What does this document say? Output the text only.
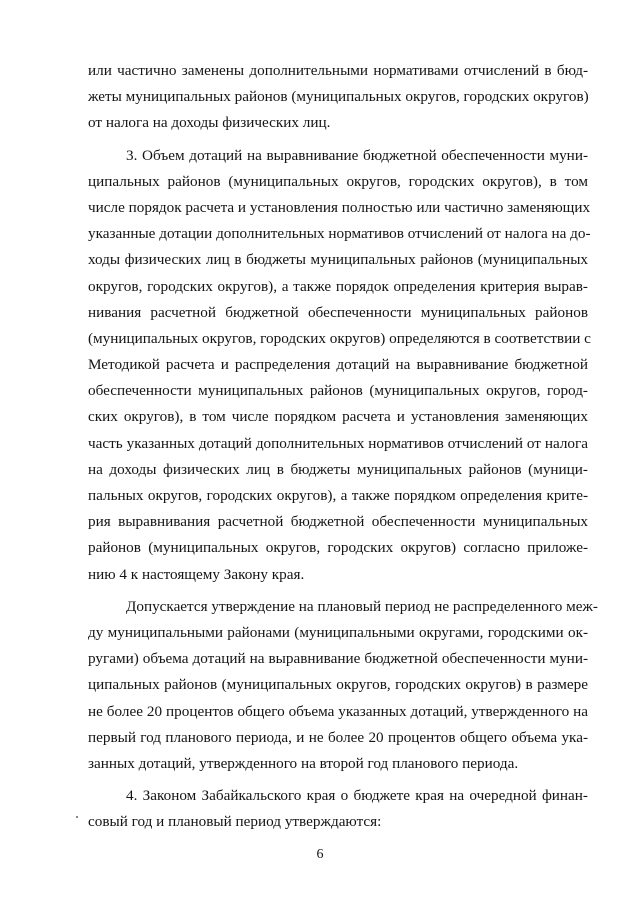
или частично заменены дополнительными нормативами отчислений в бюд-
жеты муниципальных районов (муниципальных округов, городских округов)
от налога на доходы физических лиц.
3. Объем дотаций на выравнивание бюджетной обеспеченности муни-
ципальных районов (муниципальных округов, городских округов), в том
числе порядок расчета и установления полностью или частично заменяющих
указанные дотации дополнительных нормативов отчислений от налога на до-
ходы физических лиц в бюджеты муниципальных районов (муниципальных
округов, городских округов), а также порядок определения критерия вырав-
нивания расчетной бюджетной обеспеченности муниципальных районов
(муниципальных округов, городских округов) определяются в соответствии с
Методикой расчета и распределения дотаций на выравнивание бюджетной
обеспеченности муниципальных районов (муниципальных округов, город-
ских округов), в том числе порядком расчета и установления заменяющих
часть указанных дотаций дополнительных нормативов отчислений от налога
на доходы физических лиц в бюджеты муниципальных районов (муници-
пальных округов, городских округов), а также порядком определения крите-
рия выравнивания расчетной бюджетной обеспеченности муниципальных
районов (муниципальных округов, городских округов) согласно приложе-
нию 4 к настоящему Закону края.
Допускается утверждение на плановый период не распределенного меж-
ду муниципальными районами (муниципальными округами, городскими ок-
ругами) объема дотаций на выравнивание бюджетной обеспеченности муни-
ципальных районов (муниципальных округов, городских округов) в размере
не более 20 процентов общего объема указанных дотаций, утвержденного на
первый год планового периода, и не более 20 процентов общего объема ука-
занных дотаций, утвержденного на второй год планового периода.
4. Законом Забайкальского края о бюджете края на очередной финан-
совый год и плановый период утверждаются:
6
